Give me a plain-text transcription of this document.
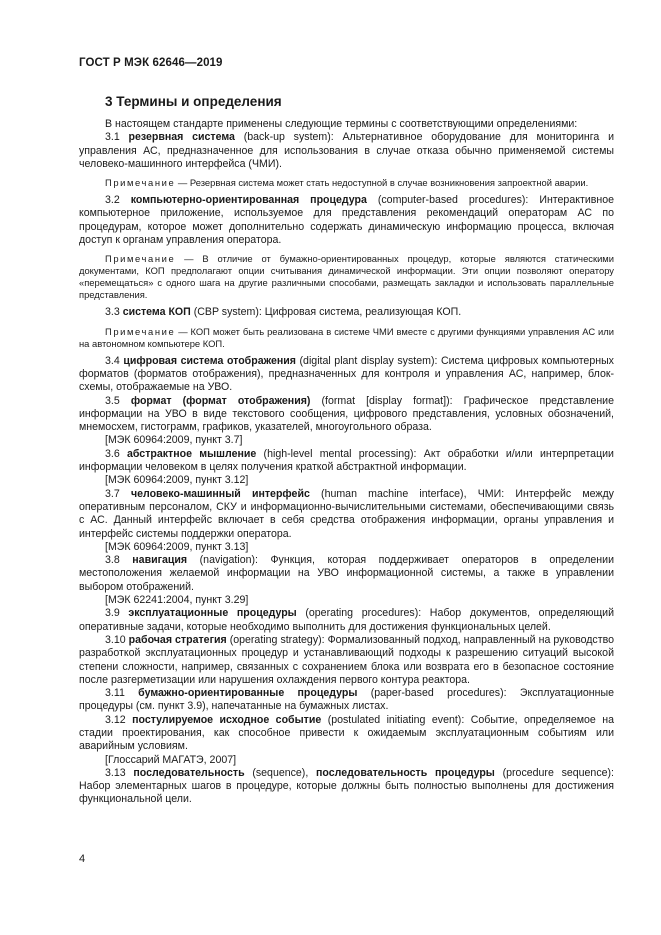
ГОСТ Р МЭК 62646—2019
3 Термины и определения

В настоящем стандарте применены следующие термины с соответствующими определениями:

3.1 резервная система (back-up system): Альтернативное оборудование для мониторинга и управления АС, предназначенное для использования в случае отказа обычно применяемой системы человеко-машинного интерфейса (ЧМИ).

Примечание — Резервная система может стать недоступной в случае возникновения запроектной аварии.

3.2 компьютерно-ориентированная процедура (computer-based procedures): Интерактивное компьютерное приложение, используемое для представления рекомендаций операторам АС по процедурам, которое может дополнительно содержать динамическую информацию процесса, включая доступ к органам управления оператора.

Примечание — В отличие от бумажно-ориентированных процедур, которые являются статическими документами, КОП предполагают опции считывания динамической информации. Эти опции позволяют оператору «перемещаться» с одного шага на другие различными способами, размещать закладки и использовать параллельные представления.

3.3 система КОП (CBP system): Цифровая система, реализующая КОП.

Примечание — КОП может быть реализована в системе ЧМИ вместе с другими функциями управления АС или на автономном компьютере КОП.

3.4 цифровая система отображения (digital plant display system): Система цифровых компьютерных форматов (форматов отображения), предназначенных для контроля и управления АС, например, блок-схемы, отображаемые на УВО.

3.5 формат (формат отображения) (format [display format]): Графическое представление информации на УВО в виде текстового сообщения, цифрового представления, условных обозначений, мнемосхем, гистограмм, графиков, указателей, многоугольного образа.

[МЭК 60964:2009, пункт 3.7]

3.6 абстрактное мышление (high-level mental processing): Акт обработки и/или интерпретации информации человеком в целях получения краткой абстрактной информации.

[МЭК 60964:2009, пункт 3.12]

3.7 человеко-машинный интерфейс (human machine interface), ЧМИ: Интерфейс между оперативным персоналом, СКУ и информационно-вычислительными системами, обеспечивающими связь с АС. Данный интерфейс включает в себя средства отображения информации, органы управления и интерфейс системы поддержки оператора.

[МЭК 60964:2009, пункт 3.13]

3.8 навигация (navigation): Функция, которая поддерживает операторов в определении местоположения желаемой информации на УВО информационной системы, а также в управлении выбором отображений.

[МЭК 62241:2004, пункт 3.29]

3.9 эксплуатационные процедуры (operating procedures): Набор документов, определяющий оперативные задачи, которые необходимо выполнить для достижения функциональных целей.

3.10 рабочая стратегия (operating strategy): Формализованный подход, направленный на руководство разработкой эксплуатационных процедур и устанавливающий подходы к разрешению ситуаций высокой степени сложности, например, связанных с сохранением блока или возврата его в безопасное состояние после разгерметизации или нарушения охлаждения первого контура реактора.

3.11 бумажно-ориентированные процедуры (paper-based procedures): Эксплуатационные процедуры (см. пункт 3.9), напечатанные на бумажных листах.

3.12 постулируемое исходное событие (postulated initiating event): Событие, определяемое на стадии проектирования, как способное привести к ожидаемым эксплуатационным событиям или аварийным условиям.

[Глоссарий МАГАТЭ, 2007]

3.13 последовательность (sequence), последовательность процедуры (procedure sequence): Набор элементарных шагов в процедуре, которые должны быть полностью выполнены для достижения функциональной цели.

4
